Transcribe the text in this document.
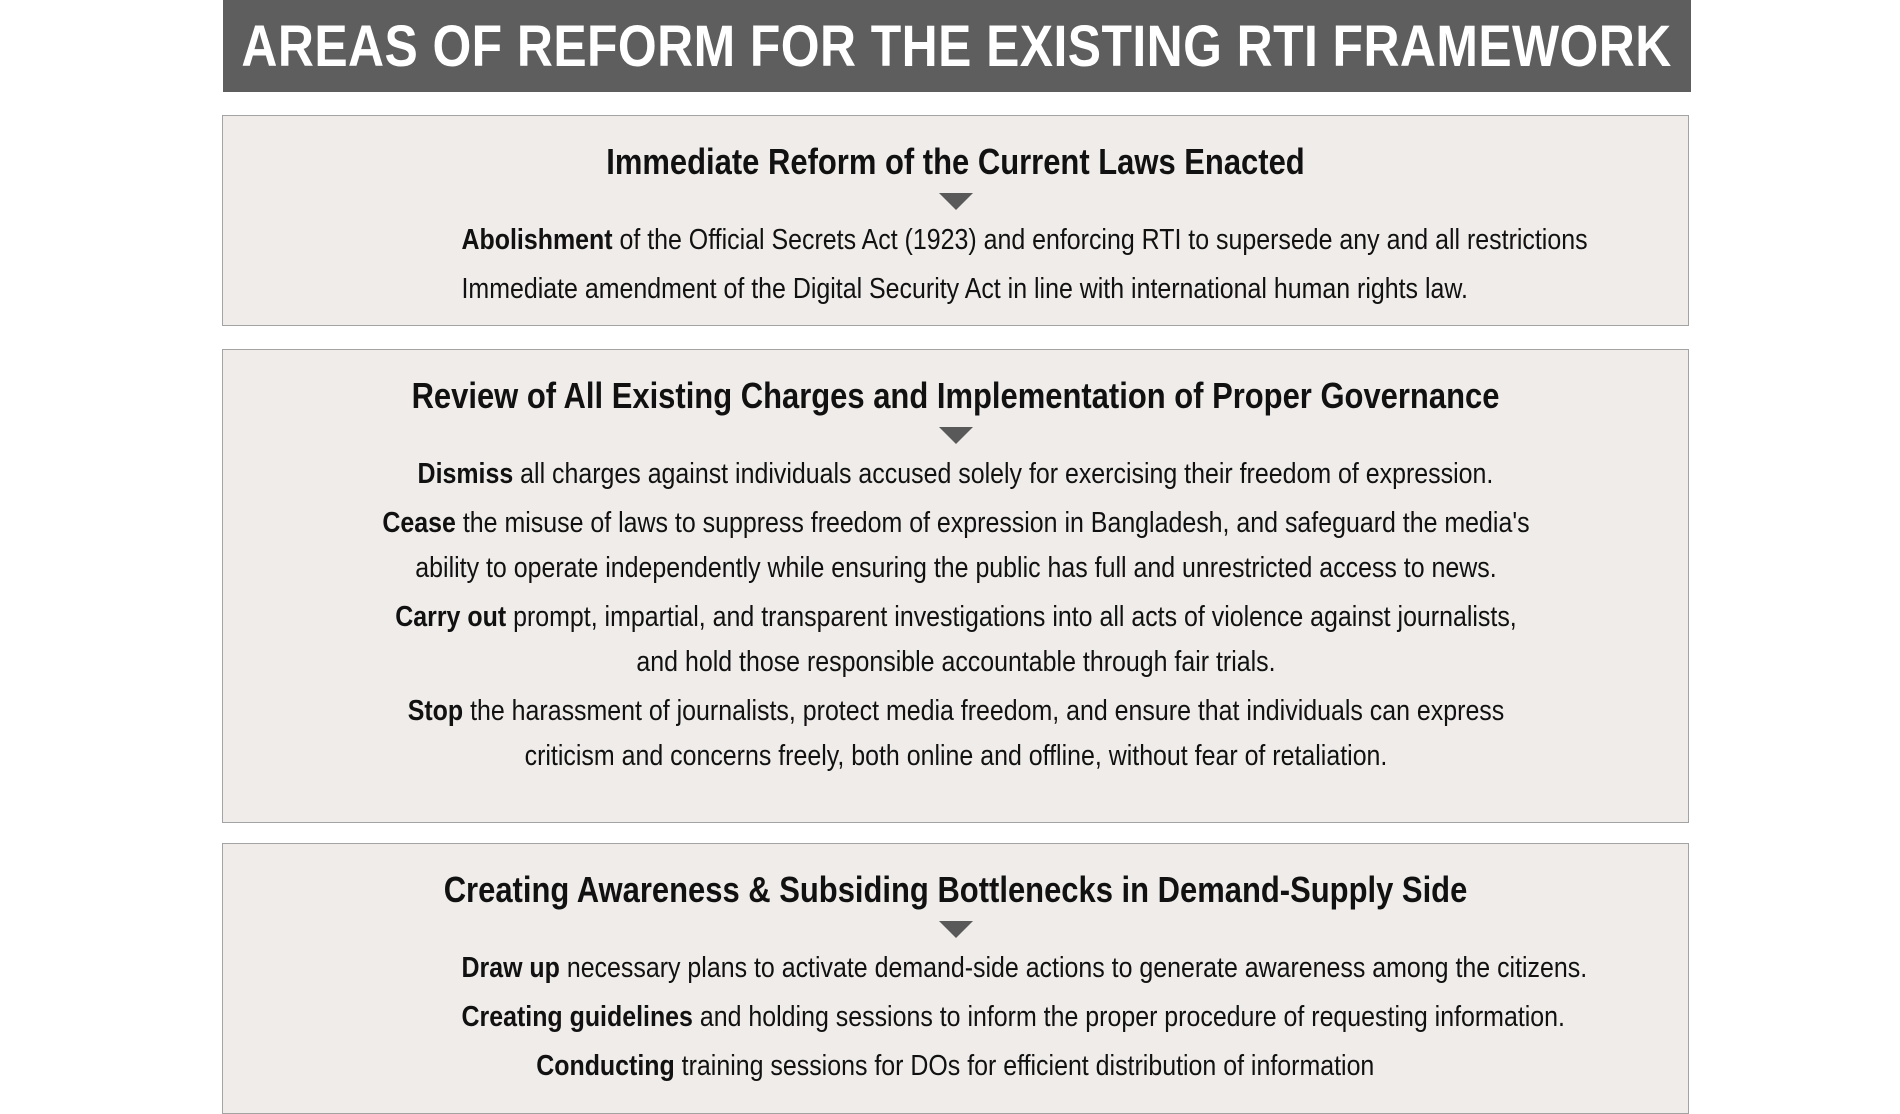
AREAS OF REFORM FOR THE EXISTING RTI FRAMEWORK
Immediate Reform of the Current Laws Enacted
Abolishment of the Official Secrets Act (1923) and enforcing RTI to supersede any and all restrictions
Immediate amendment of the Digital Security Act in line with international human rights law.
Review of All Existing Charges and Implementation of Proper Governance
Dismiss all charges against individuals accused solely for exercising their freedom of expression.
Cease the misuse of laws to suppress freedom of expression in Bangladesh, and safeguard the media's ability to operate independently while ensuring the public has full and unrestricted access to news.
Carry out prompt, impartial, and transparent investigations into all acts of violence against journalists, and hold those responsible accountable through fair trials.
Stop the harassment of journalists, protect media freedom, and ensure that individuals can express criticism and concerns freely, both online and offline, without fear of retaliation.
Creating Awareness & Subsiding Bottlenecks in Demand-Supply Side
Draw up necessary plans to activate demand-side actions to generate awareness among the citizens.
Creating guidelines and holding sessions to inform the proper procedure of requesting information.
Conducting training sessions for DOs for efficient distribution of information
